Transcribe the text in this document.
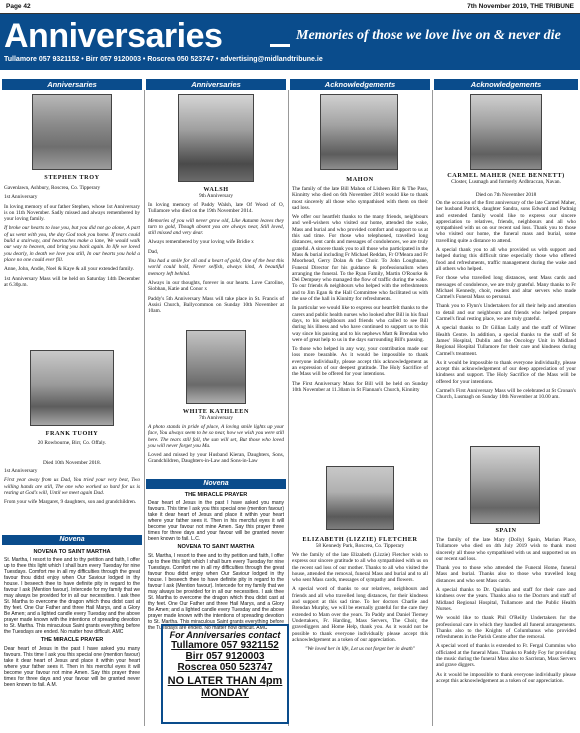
Page 42	7th November 2019, THE TRIBUNE
Anniversaries	Memories of those we love live on & never die
Tullamore 057 9321152 • Birr 057 9120003 • Roscrea 050 523747 • advertising@midlandtribune.ie
Anniversaries	Anniversaries	Acknowledgements	Acknowledgements
STEPHEN TROY

Gavenlawn, Ashbury, Roscrea, Co. Tipperary

1st Anniversary

In loving memory of our father Stephen, whose 1st Anniversary is on 11th November. Sadly missed and always remembered by your loving family.

If broke our hearts to lose you, but you did not go alone, A part of us went with you, the day God took you home. If tears could build a stairway, and heartaches make a lane, We would walk our way to heaven, and bring you back again. In life we loved you dearly, in death we love you still, In our hearts you hold a place no one could ever fill.

Anne, John, Andie, Noel & Kaye & all your extended family.

1st Anniversary Mass will be held on Saturday 14th December at 6.30p.m.

FRANK TUOHY
20 Rowbourne, Birr, Co. Offaly.
Died 10th November 2018.

1st Anniversary

First year away from us Dad, You tried your very best, Two willing hands are still, The one who worked so hard for us is resting at God's will, Until we meet again Dad.

From your wife Margaret, 9 daughters, son and grandchildren.

Novena
NOVENA TO SAINT MARTHA
St. Martha, I resort to thee and to thy petition and faith, I offer up to thee this light which I shall burn every Tuesday for nine Tuesdays. Comfort me in all my difficulties through the great favour thou didst enjoy when Our Saviour lodged in thy house. I beseech thee to have definite pity in regard to the favour I ask (Mention favour). Intercede for my family that we may always be provided for in all our necessities. I ask thee St. Martha to overcome the dragon which thou didst cast at thy feet. One Our Father and three Hail Marys, and a Glory Be Amen; and a lighted candle every Tuesday and the above prayer made known with the intentions of spreading devotion to St. Martha. This miraculous Saint grants everything before the Tuesdays are ended. No matter how difficult. AMC
THE MIRACLE PRAYER
Dear heart of Jesus in the past I have asked you many favours. This time I ask you this special one (mention favour) take it dear heart of Jesus and place it within your heart where your father sees it. Then in his merciful eyes it will become your favour not mine Amen. Say this prayer three times for three days and your favour will be granted never been known to fail. A.M.
WALSH
9th Anniversary

In loving memory of Paddy Walsh, late Of Wood of O, Tullamore who died on the 19th November 2014.

Memories of you will never grow old, Like Autumn leaves they turn to gold, Though absent you are always near, Still loved, still missed and very dear.

Always remembered by your loving wife Bridie x

Dad,

You had a smile for all and a heart of gold, One of the best this world could hold, Never selfish, always kind, A beautiful memory left behind.

Always in our thoughts, forever in our hearts. Love Caroline, Siobhan, Katie and Conor x

Paddy's 5th Anniversary Mass will take place in St. Francis of Assisi Church, Ballycommon on Sunday 10th November at 10am.

WHITE KATHLEEN
7th Anniversary

A photo stands in pride of place, A loving smile lights up your face, You always seem to be so near, how we wish you were still here. The tears still fall, the sun will set, But those who loved you will never forget you Ma.

Loved and missed by your Husband Kieran, Daughters, Sons, Grandchildren, Daughters-in-Law and Sons-in-Law

Novena
THE MIRACLE PRAYER
Dear heart of Jesus in the past I have asked you many favours. This time I ask you this special one (mention favour) take it dear heart of Jesus and place it within your heart where your father sees it. Then in his merciful eyes it will become your favour not mine Amen. Say this prayer three times for three days and your favour will be granted never been known to fail. L.C.
NOVENA TO SAINT MARTHA
St. Martha, I resort to thee and to thy petition and faith, I offer up to thee this light which I shall burn every Tuesday for nine Tuesdays. Comfort me in all my difficulties through the great favour thou didst enjoy when Our Saviour lodged in thy house. I beseech thee to have definite pity in regard to the favour I ask (Mention favour). Intercede for my family that we may always be provided for in all our necessities. I ask thee St. Martha to overcome the dragon which thou didst cast at thy feet. One Our Father and three Hail Marys, and a Glory Be Amen; and a lighted candle every Tuesday and the above prayer made known with the intentions of spreading devotion to St. Martha. This miraculous Saint grants everything before the Tuesdays are ended. No matter how difficult. AMC
For Anniversaries contact
Tullamore 057 9321152
Birr 057 9120003
Roscrea 050 523747
NO LATER THAN 4pm MONDAY
MAHON

The family of the late Bill Mahon of Lisheen Birr & The Pass, Kinnitty who died on 6th November 2018 would like to thank most sincerely all those who sympathised with them on their sad loss.

We offer our heartfelt thanks to the many friends, neighbours and well-wishers who visited our home, attended the wake, Mass and burial and who provided comfort and support to us at this sad time. For those who telephoned, travelled long distances, sent cards and messages of condolences, we are truly grateful. A sincere thank you to all those who participated in the Mass & burial including Fr Michael Reddan, Fr O'Meara and Fr Moorhead, Gerry Dolan & the Choir. To John Loughnane, Funeral Director for his guidance & professionalism when arranging the funeral. To the Ryan Family, Martin O'Rourke & Dei Dempsey who managed the flow of traffic during the wake. To our friends & neighbours who helped with the refreshments and to Jim Egan & the Hall Committee who facilitated us with the use of the hall in Kinnitty for refreshments.

In particular we would like to express our heartfelt thanks to the carers and public health nurses who looked after Bill in his final days, to his neighbours and friends who called to see Bill during his illness and who have continued to support us to this way since his passing and to his nephews Matt & Brendan who were of great help to us in the days surrounding Bill's passing.

To those who helped in any way, your contribution made our loss more bearable. As it would be impossible to thank everyone individually, please accept this acknowledgement as an expression of our deepest gratitude. The Holy Sacrifice of the Mass will be offered for your intentions.

The First Anniversary Mass for Bill will be held on Sunday 10th November at 11.30am in St Flannan's Church, Kinnitty

ELIZABETH (LIZZIE) FLETCHER
58 Kennedy Park, Roscrea, Co. Tipperary

We the family of the late Elizabeth (Lizzie) Fletcher wish to express our sincere gratitude to all who sympathised with us on the recent sad loss of our mother. Thanks to all who visited the house, attended the removal, funeral Mass and burial and to all who sent Mass cards, messages of sympathy and flowers.

A special word of thanks to our relatives, neighbours and friends and all who travelled long distances, for their kindness and support at this sad time. To her doctors Charlie and Brendan Murphy, we will be eternally grateful for the care they extended to Mam over the years. To Paddy and Daniel Tierney Undertakers, Fr. Harding, Mass Servers, The Choir, the gravediggers and Home Help, thank you. As it would not be possible to thank everyone individually please accept this acknowledgement as a token of our appreciation.

"We loved her in life, Let us not forget her in death"

CARMEL MAHER (NEE BENNETT)
Closter, Lusmagh and formerly Ardbraccan, Navan.
Died on 7th November 2018

On the occasion of the first anniversary of the late Carmel Maher, her husband Patrick, daughter Sandra, sons Edward and Padraig and extended family would like to express our sincere appreciation to relatives, friends, neighbours and all who sympathised with us on our recent sad loss. Thank you to those who visited our home, the funeral mass and burial, some travelling quite a distance to attend.

A special thank you to all who provided us with support and helped during this difficult time especially those who offered food and refreshments, traffic management during the wake and all others who helped.

For those who travelled long distances, sent Mass cards and messages of condolence, we are truly grateful. Many thanks to Fr Michael Kennedy, choir, readers and altar servers who made Carmel's Funeral Mass so personal.

Thank you to Flynn's Undertakers for all their help and attention to detail and our neighbours and friends who helped prepare Carmel's final resting place, we are truly grateful.

A special thanks to Dr Gillian Lally and the staff of Wilmer Health Centre. In addition, a special thanks to the staff of St James' Hospital, Dublin and the Oncology Unit in Midland Regional Hospital Tullamore for their care and kindness during Carmel's treatment.

As it would be impossible to thank everyone individually, please accept this acknowledgement of our deep appreciation of your kindness and support. The Holy Sacrifice of the Mass will be offered for your intentions.

Carmel's First Anniversary Mass will be celebrated at St Cronan's Church, Lusmagh on Sunday 10th November at 10.00 am.

SPAIN

The family of the late Mary (Dolly) Spain, Marian Place, Tullamore who died on 4th July 2019 wish to thank most sincerely all those who sympathised with us and supported us on our recent sad loss.

Thank you to those who attended the Funeral Home, funeral Mass and burial. Thanks also to those who travelled long distances and who sent Mass cards.

A special thanks to Dr. Quinlan and staff for their care and kindness over the years. Thanks also to the Doctors and staff of Midland Regional Hospital, Tullamore and the Public Health Nurses.

We would like to thank Phil O'Reilly Undertakers for the professional care in which they handled all funeral arrangements. Thanks also to the Knights of Columbanus who provided refreshments in the Parish Centre after the removal.

A special word of thanks is extended to Fr. Fergal Cummins who officiated at the funeral Mass. Thanks to Paddy Foy for providing the music during the funeral Mass also to Sacristan, Mass Servers and grave diggers.

As it would be impossible to thank everyone individually please accept this acknowledgement as a token of our appreciation.
